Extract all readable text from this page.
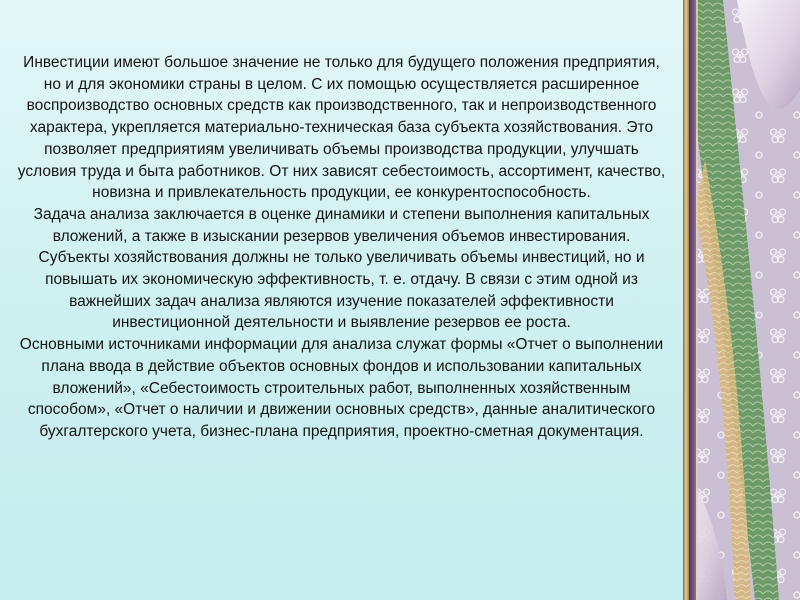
Инвестиции имеют большое значение не только для будущего положения предприятия, но и для экономики страны в целом. С их помощью осуществляется расширенное воспроизводство основных средств как производственного, так и непроизводственного характера, укрепляется материально-техническая база субъекта хозяйствования. Это позволяет предприятиям увеличивать объемы производства продукции, улучшать условия труда и быта работников. От них зависят себестоимость, ассортимент, качество, новизна и привлекательность продукции, ее конкурентоспособность.

Задача анализа заключается в оценке динамики и степени выполнения капитальных вложений, а также в изыскании резервов увеличения объемов инвестирования.

Субъекты хозяйствования должны не только увеличивать объемы инвестиций, но и повышать их экономическую эффективность, т. е. отдачу. В связи с этим одной из важнейших задач анализа являются изучение показателей эффективности инвестиционной деятельности и выявление резервов ее роста.

Основными источниками информации для анализа служат формы «Отчет о выполнении плана ввода в действие объектов основных фондов и использовании капитальных вложений», «Себестоимость строительных работ, выполненных хозяйственным способом», «Отчет о наличии и движении основных средств», данные аналитического бухгалтерского учета, бизнес-плана предприятия, проектно-сметная документация.
